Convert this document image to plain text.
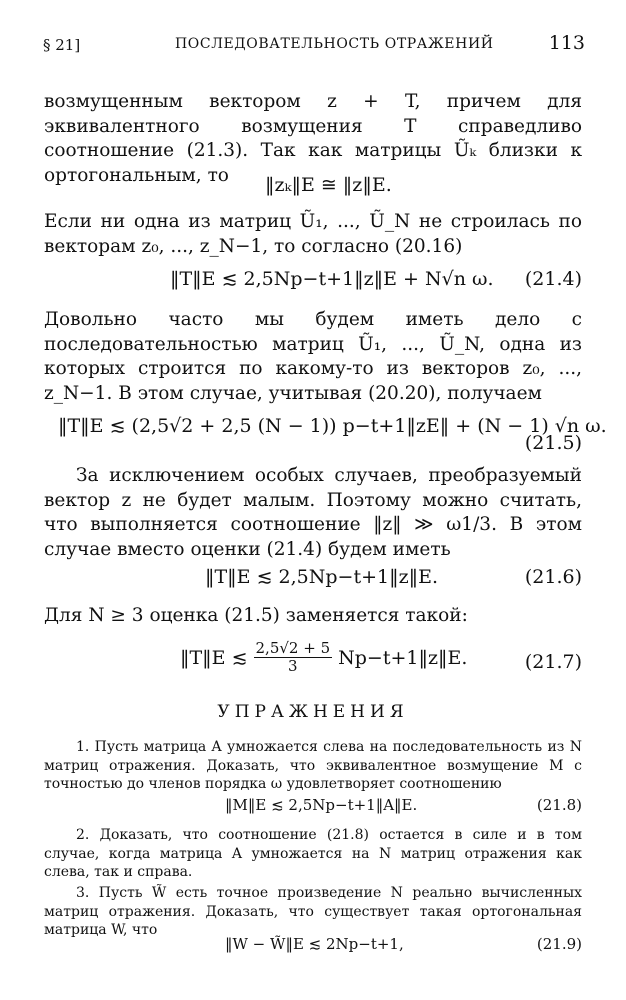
§ 21]	ПОСЛЕДОВАТЕЛЬНОСТЬ ОТРАЖЕНИЙ	113
возмущенным вектором z + T, причем для эквивалентного возмущения T справедливо соотношение (21.3). Так как матрицы Ũₖ близки к ортогональным, то	‖zₖ‖E ≅ ‖z‖E.
Если ни одна из матриц Ũ₁, ..., Ũ_N не строилась по векторам z₀, ..., z_N−1, то согласно (20.16)
‖T‖E ≲ 2,5Np−t+1‖z‖E + N√n ω. (21.4)
Довольно часто мы будем иметь дело с последовательностью матриц Ũ₁, ..., Ũ_N, одна из которых строится по какому-то из векторов z₀, ..., z_N−1. В этом случае, учитывая (20.20), получаем
‖T‖E ≲ (2,5√2 + 2,5 (N − 1)) p−t+1‖zE‖ + (N − 1) √n ω.
(21.5)
За исключением особых случаев, преобразуемый вектор z не будет малым. Поэтому можно считать, что выполняется соотношение ‖z‖ ≫ ω1/3. В этом случае вместо оценки (21.4) будем иметь
‖T‖E ≲ 2,5Np−t+1‖z‖E.	(21.6)
Для N ≥ 3 оценка (21.5) заменяется такой:
‖T‖E ≲ $\frac{2,5√2 + 5}{3}$ Np−t+1‖z‖E.	(21.7)
УПРАЖНЕНИЯ
1. Пусть матрица A умножается слева на последовательность из N матриц отражения. Доказать, что эквивалентное возмущение M с точностью до членов порядка ω удовлетворяет соотношению
‖M‖E ≲ 2,5Np−t+1‖A‖E.	(21.8)
2. Доказать, что соотношение (21.8) остается в силе и в том случае, когда матрица A умножается на N матриц отражения как слева, так и справа.
3. Пусть W̃ есть точное произведение N реально вычисленных матриц отражения. Доказать, что существует такая ортогональная матрица W, что
‖W − W̃‖E ≲ 2Np−t+1,	(21.9)
